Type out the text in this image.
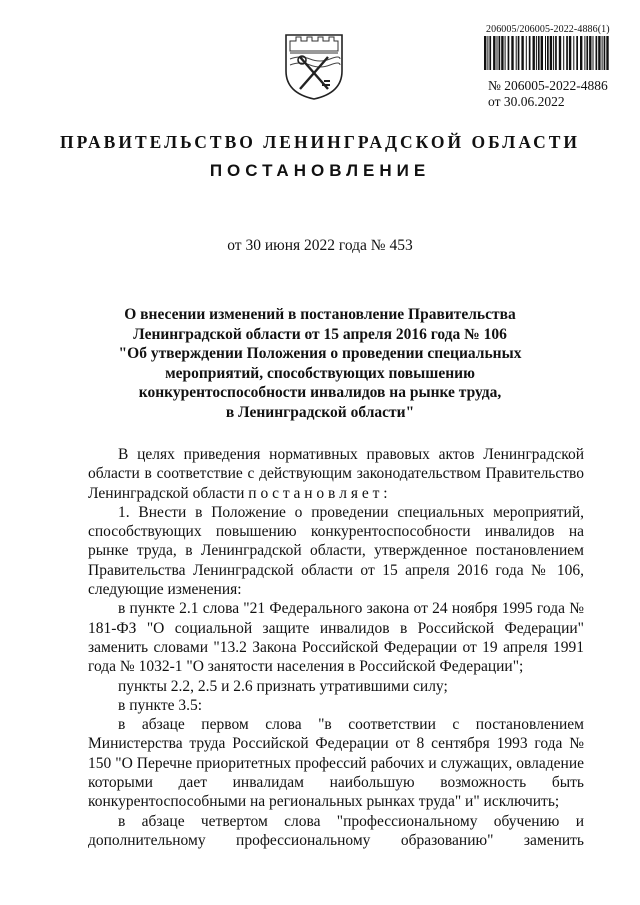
206005/206005-2022-4886(1)
№ 206005-2022-4886
от 30.06.2022
ПРАВИТЕЛЬСТВО ЛЕНИНГРАДСКОЙ ОБЛАСТИ
ПОСТАНОВЛЕНИЕ
от 30 июня 2022 года № 453
О внесении изменений в постановление Правительства
Ленинградской области от 15 апреля 2016 года № 106
"Об утверждении Положения о проведении специальных
мероприятий, способствующих повышению
конкурентоспособности инвалидов на рынке труда,
в Ленинградской области"
В целях приведения нормативных правовых актов Ленинградской области в соответствие с действующим законодательством Правительство Ленинградской области п о с т а н о в л я е т :
1. Внести в Положение о проведении специальных мероприятий, способствующих повышению конкурентоспособности инвалидов на рынке труда, в Ленинградской области, утвержденное постановлением Правительства Ленинградской области от 15 апреля 2016 года № 106, следующие изменения:
в пункте 2.1 слова "21 Федерального закона от 24 ноября 1995 года № 181-ФЗ "О социальной защите инвалидов в Российской Федерации" заменить словами "13.2 Закона Российской Федерации от 19 апреля 1991 года № 1032-1 "О занятости населения в Российской Федерации";
пункты 2.2, 2.5 и 2.6 признать утратившими силу;
в пункте 3.5:
в абзаце первом слова "в соответствии с постановлением Министерства труда Российской Федерации от 8 сентября 1993 года № 150 "О Перечне приоритетных профессий рабочих и служащих, овладение которыми дает инвалидам наибольшую возможность быть конкурентоспособными на региональных рынках труда" и" исключить;
в абзаце четвертом слова "профессиональному обучению и дополнительному профессиональному образованию" заменить
